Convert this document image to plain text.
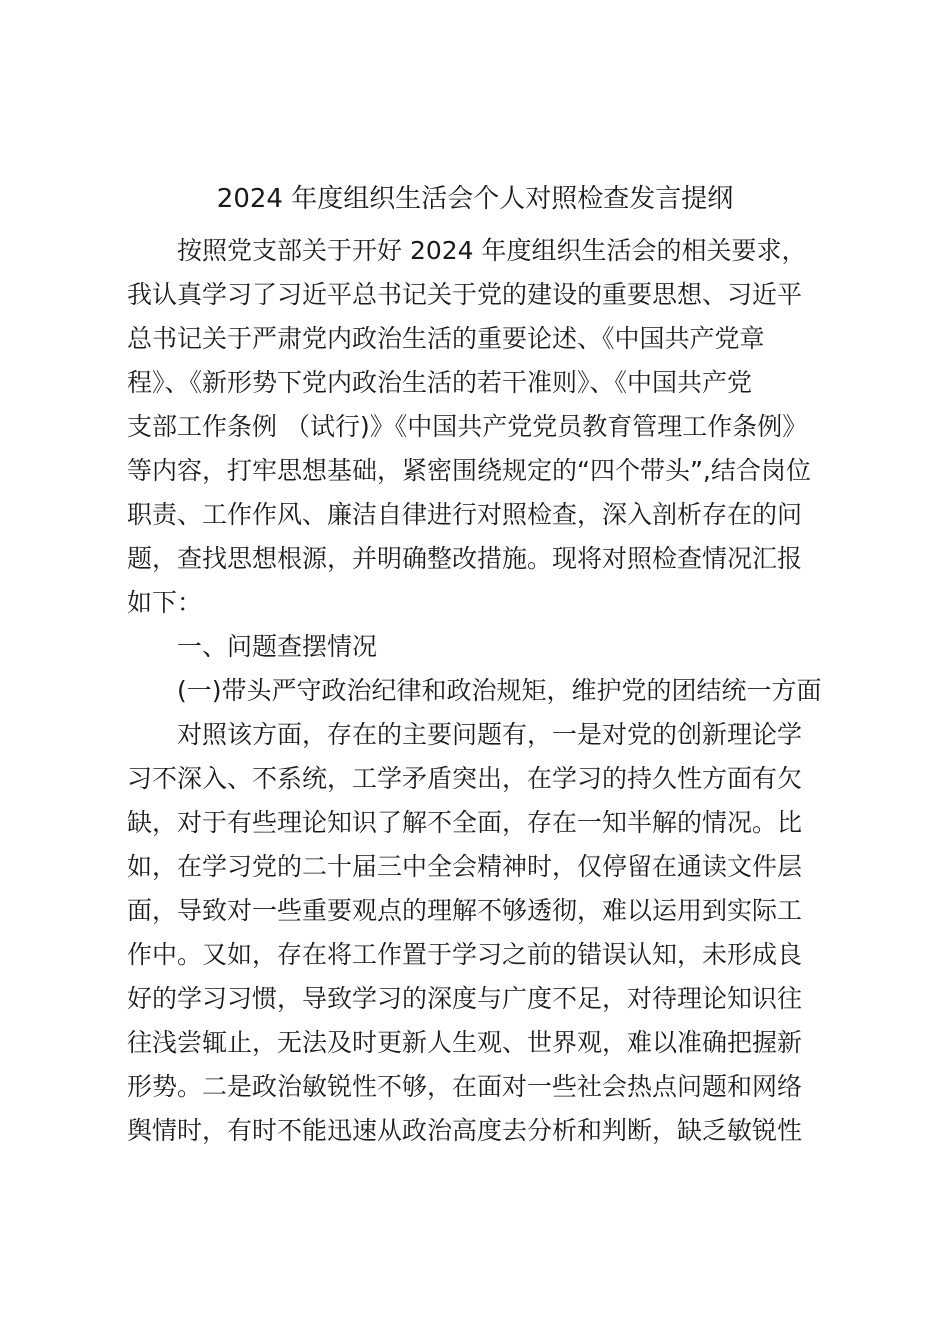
2024 年度组织生活会个人对照检查发言提纲
按照党支部关于开好 2024 年度组织生活会的相关要求，
我认真学习了习近平总书记关于党的建设的重要思想、习近平
总书记关于严肃党内政治生活的重要论述、《中国共产党章
程》、《新形势下党内政治生活的若干准则》、《中国共产党
支部工作条例 （试行)》《中国共产党党员教育管理工作条例》
等内容，打牢思想基础，紧密围绕规定的“四个带头”,结合岗位
职责、工作作风、廉洁自律进行对照检查，深入剖析存在的问
题，查找思想根源，并明确整改措施。现将对照检查情况汇报
如下：
一、问题查摆情况
(一)带头严守政治纪律和政治规矩，维护党的团结统一方面
对照该方面，存在的主要问题有，一是对党的创新理论学
习不深入、不系统，工学矛盾突出，在学习的持久性方面有欠
缺，对于有些理论知识了解不全面，存在一知半解的情况。比
如，在学习党的二十届三中全会精神时，仅停留在通读文件层
面，导致对一些重要观点的理解不够透彻，难以运用到实际工
作中。又如，存在将工作置于学习之前的错误认知，未形成良
好的学习习惯，导致学习的深度与广度不足，对待理论知识往
往浅尝辄止，无法及时更新人生观、世界观，难以准确把握新
形势。二是政治敏锐性不够，在面对一些社会热点问题和网络
舆情时，有时不能迅速从政治高度去分析和判断，缺乏敏锐性
